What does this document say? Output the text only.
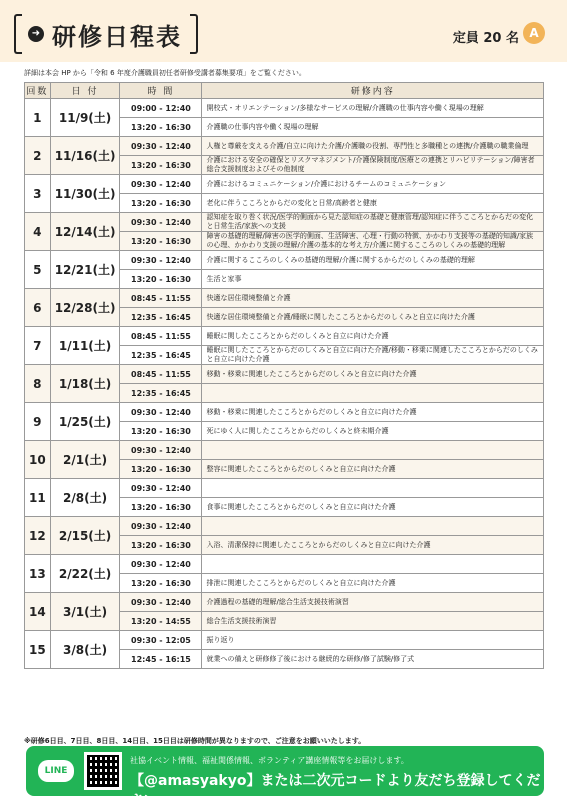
➜ 研修日程表	定員 20 名 A
詳細は本会 HP から「令和 6 年度介護職員初任者研修受講者募集要項」をご覧ください。
回数	日 付	時 間	研修内容
1	11/9(土)	09:00 - 12:40	開校式・オリエンテーション/多様なサービスの理解/介護職の仕事内容や働く現場の理解
		13:20 - 16:30	介護職の仕事内容や働く現場の理解
2	11/16(土)	09:30 - 12:40	人権と尊厳を支える介護/自立に向けた介護/介護職の役割、専門性と多職種との連携/介護職の職業倫理
		13:20 - 16:30	介護における安全の確保とリスクマネジメント/介護保険制度/医療との連携とリハビリテーション/障害者総合支援制度およびその他制度
3	11/30(土)	09:30 - 12:40	介護におけるコミュニケーション/介護におけるチームのコミュニケーション
		13:20 - 16:30	老化に伴うこころとからだの変化と日常/高齢者と健康
4	12/14(土)	09:30 - 12:40	認知症を取り巻く状況/医学的側面から見た認知症の基礎と健康管理/認知症に伴うこころとからだの変化と日常生活/家族への支援
		13:20 - 16:30	障害の基礎的理解/障害の医学的側面、生活障害、心理・行動の特徴、かかわり支援等の基礎的知識/家族の心理、かかわり支援の理解/介護の基本的な考え方/介護に関するこころのしくみの基礎的理解
5	12/21(土)	09:30 - 12:40	介護に関するこころのしくみの基礎的理解/介護に関するからだのしくみの基礎的理解
		13:20 - 16:30	生活と家事
6	12/28(土)	08:45 - 11:55	快適な居住環境整備と介護
		12:35 - 16:45	快適な居住環境整備と介護/睡眠に関したこころとからだのしくみと自立に向けた介護
7	1/11(土)	08:45 - 11:55	睡眠に関したこころとからだのしくみと自立に向けた介護
		12:35 - 16:45	睡眠に関したこころとからだのしくみと自立に向けた介護/移動・移乗に関連したこころとからだのしくみと自立に向けた介護
8	1/18(土)	08:45 - 11:55	移動・移乗に関連したこころとからだのしくみと自立に向けた介護
		12:35 - 16:45	
9	1/25(土)	09:30 - 12:40	移動・移乗に関連したこころとからだのしくみと自立に向けた介護
		13:20 - 16:30	死にゆく人に関したこころとからだのしくみと終末期介護
10	2/1(土)	09:30 - 12:40	
		13:20 - 16:30	整容に関連したこころとからだのしくみと自立に向けた介護
11	2/8(土)	09:30 - 12:40	
		13:20 - 16:30	食事に関連したこころとからだのしくみと自立に向けた介護
12	2/15(土)	09:30 - 12:40	
		13:20 - 16:30	入浴、清潔保持に関連したこころとからだのしくみと自立に向けた介護
13	2/22(土)	09:30 - 12:40	
		13:20 - 16:30	排泄に関連したこころとからだのしくみと自立に向けた介護
14	3/1(土)	09:30 - 12:40	介護過程の基礎的理解/総合生活支援技術演習
		13:20 - 14:55	総合生活支援技術演習
15	3/8(土)	09:30 - 12:05	振り返り
		12:45 - 16:15	就業への備えと研修修了後における継続的な研修/修了試験/修了式
※研修6日目、7日目、8日目、14日目、15日目は研修時間が異なりますので、ご注意をお願いいたします。
LINE
社協イベント情報、福祉関係情報、ボランティア講座情報等をお届けします。
【@amasyakyo】または二次元コードより友だち登録してください。
